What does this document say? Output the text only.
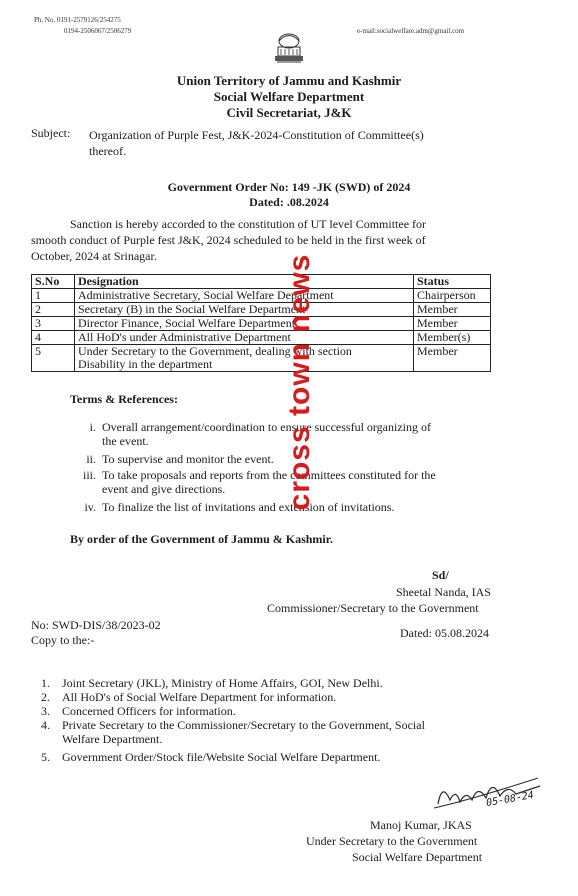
Ph. No. 0191-2579126/254275
0194-2506067/2506279	e-mail:socialwelfare.adm@gmail.com
Union Territory of Jammu and Kashmir
Social Welfare Department
Civil Secretariat, J&K
Subject: Organization of Purple Fest, J&K-2024-Constitution of Committee(s)
thereof.
Government Order No: 149 -JK (SWD) of 2024
Dated: .08.2024
Sanction is hereby accorded to the constitution of UT level Committee for
smooth conduct of Purple fest J&K, 2024 scheduled to be held in the first week of
October, 2024 at Srinagar.
S.No	Designation	Status
1	Administrative Secretary, Social Welfare Department	Chairperson
2	Secretary (B) in the Social Welfare Department	Member
3	Director Finance, Social Welfare Department	Member
4	All HoD's under Administrative Department	Member(s)
5	Under Secretary to the Government, dealing with section
Disability in the department	Member
Terms & References:
i. Overall arrangement/coordination to ensure successful organizing of
the event.
ii. To supervise and monitor the event.
iii. To take proposals and reports from the committees constituted for the
event and give directions.
iv. To finalize the list of invitations and extension of invitations.
By order of the Government of Jammu & Kashmir.
Sd/
Sheetal Nanda, IAS
Commissioner/Secretary to the Government
Dated: 05.08.2024
No: SWD-DIS/38/2023-02
Copy to the:-
1. Joint Secretary (JKL), Ministry of Home Affairs, GOI, New Delhi.
2. All HoD's of Social Welfare Department for information.
3. Concerned Officers for information.
4. Private Secretary to the Commissioner/Secretary to the Government, Social
Welfare Department.
5. Government Order/Stock file/Website Social Welfare Department.
05-08-24
Manoj Kumar, JKAS
Under Secretary to the Government
Social Welfare Department
cross town news
